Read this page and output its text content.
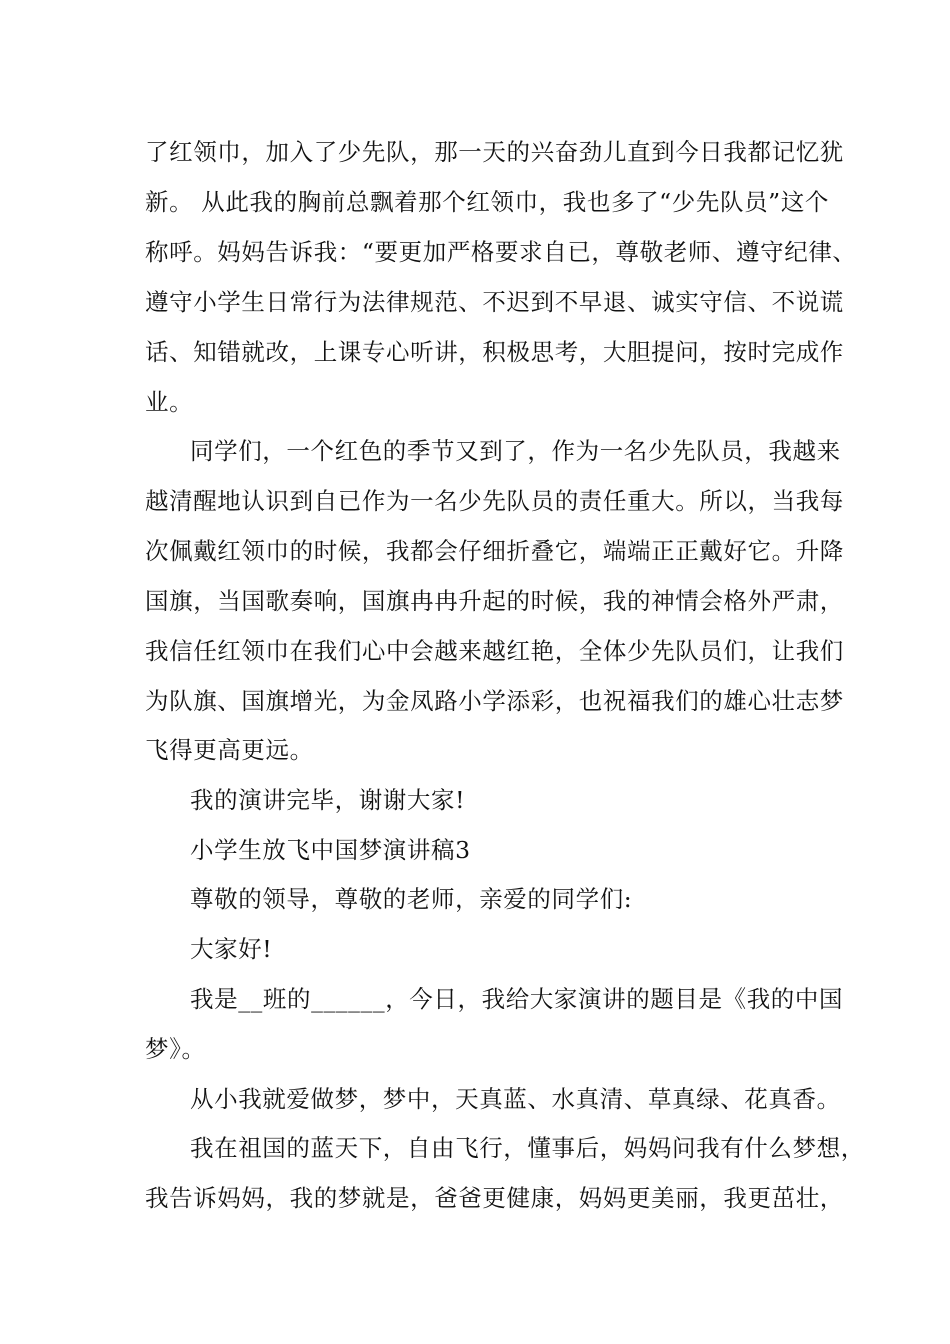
了红领巾，加入了少先队，那一天的兴奋劲儿直到今日我都记忆犹
新。 从此我的胸前总飘着那个红领巾，我也多了“少先队员”这个
称呼。妈妈告诉我：“要更加严格要求自已，尊敬老师、遵守纪律、
遵守小学生日常行为法律规范、不迟到不早退、诚实守信、不说谎
话、知错就改，上课专心听讲，积极思考，大胆提问，按时完成作
业。
同学们，一个红色的季节又到了，作为一名少先队员，我越来
越清醒地认识到自已作为一名少先队员的责任重大。所以，当我每
次佩戴红领巾的时候，我都会仔细折叠它，端端正正戴好它。升降
国旗，当国歌奏响，国旗冉冉升起的时候，我的神情会格外严肃，
我信任红领巾在我们心中会越来越红艳，全体少先队员们，让我们
为队旗、国旗增光，为金凤路小学添彩，也祝福我们的雄心壮志梦
飞得更高更远。
我的演讲完毕，谢谢大家!
小学生放飞中国梦演讲稿3
尊敬的领导，尊敬的老师，亲爱的同学们:
大家好!
我是__班的______，今日，我给大家演讲的题目是《我的中国
梦》。
从小我就爱做梦，梦中，天真蓝、水真清、草真绿、花真香。
我在祖国的蓝天下，自由飞行，懂事后，妈妈问我有什么梦想，
我告诉妈妈，我的梦就是，爸爸更健康，妈妈更美丽，我更茁壮，
